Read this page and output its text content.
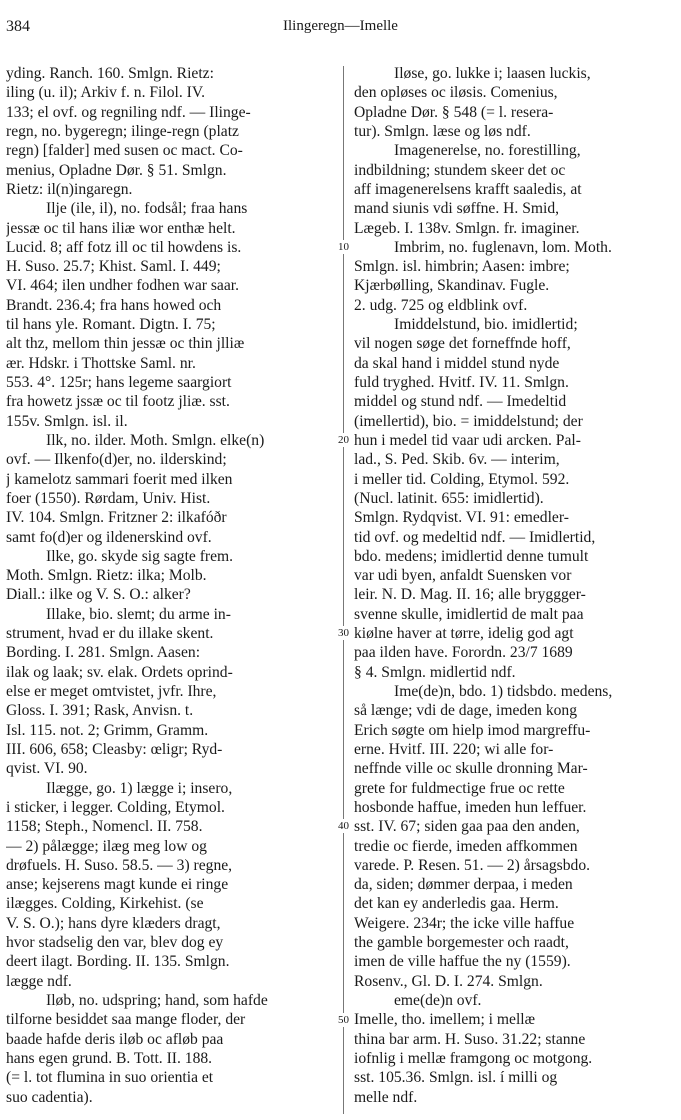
384	Ilingeregn—Imelle
10
20
30
40
50
yding. Ranch. 160. Smlgn. Rietz:
iling (u. il); Arkiv f. n. Filol. IV.
133; el ovf. og regniling ndf. — Ilinge-
regn, no. bygeregn; ilinge-regn (platz
regn) [falder] med susen oc mact. Co-
menius, Opladne Dør. § 51. Smlgn.
Rietz: il(n)ingaregn.
Ilje (ile, il), no. fodsål; fraa hans
jessæ oc til hans iliæ wor enthæ helt.
Lucid. 8; aff fotz ill oc til howdens is.
H. Suso. 25.7; Khist. Saml. I. 449;
VI. 464; ilen undher fodhen war saar.
Brandt. 236.4; fra hans howed och
til hans yle. Romant. Digtn. I. 75;
alt thz, mellom thin jessæ oc thin jlliæ
ær. Hdskr. i Thottske Saml. nr.
553. 4°. 125r; hans legeme saargiort
fra howetz jssæ oc til footz jliæ. sst.
155v. Smlgn. isl. il.
Ilk, no. ilder. Moth. Smlgn. elke(n)
ovf. — Ilkenfo(d)er, no. ilderskind;
j kamelotz sammari foerit med ilken
foer (1550). Rørdam, Univ. Hist.
IV. 104. Smlgn. Fritzner 2: ilkafóðr
samt fo(d)er og ildenerskind ovf.
Ilke, go. skyde sig sagte frem.
Moth. Smlgn. Rietz: ilka; Molb.
Diall.: ilke og V. S. O.: alker?
Illake, bio. slemt; du arme in-
strument, hvad er du illake skent.
Bording. I. 281. Smlgn. Aasen:
ilak og laak; sv. elak. Ordets oprind-
else er meget omtvistet, jvfr. Ihre,
Gloss. I. 391; Rask, Anvisn. t.
Isl. 115. not. 2; Grimm, Gramm.
III. 606, 658; Cleasby: œligr; Ryd-
qvist. VI. 90.
Ilægge, go. 1) lægge i; insero,
i sticker, i legger. Colding, Etymol.
1158; Steph., Nomencl. II. 758.
— 2) pålægge; ilæg meg low og
drøfuels. H. Suso. 58.5. — 3) regne,
anse; kejserens magt kunde ei ringe
ilægges. Colding, Kirkehist. (se
V. S. O.); hans dyre klæders dragt,
hvor stadselig den var, blev dog ey
deert ilagt. Bording. II. 135. Smlgn.
lægge ndf.
Iløb, no. udspring; hand, som hafde
tilforne besiddet saa mange floder, der
baade hafde deris iløb oc afløb paa
hans egen grund. B. Tott. II. 188.
(= l. tot flumina in suo orientia et
suo cadentia).
Iløse, go. lukke i; laasen luckis,
den opløses oc iløsis. Comenius,
Opladne Dør. § 548 (= l. resera-
tur). Smlgn. læse og løs ndf.
Imagenerelse, no. forestilling,
indbildning; stundem skeer det oc
aff imagenerelsens krafft saaledis, at
mand siunis vdi søffne. H. Smid,
Lægeb. I. 138v. Smlgn. fr. imaginer.
Imbrim, no. fuglenavn, lom. Moth.
Smlgn. isl. himbrin; Aasen: imbre;
Kjærbølling, Skandinav. Fugle.
2. udg. 725 og eldblink ovf.
Imiddelstund, bio. imidlertid;
vil nogen søge det forneffnde hoff,
da skal hand i middel stund nyde
fuld tryghed. Hvitf. IV. 11. Smlgn.
middel og stund ndf. — Imedeltid
(imellertid), bio. = imiddelstund; der
hun i medel tid vaar udi arcken. Pal-
lad., S. Ped. Skib. 6v. — interim,
i meller tid. Colding, Etymol. 592.
(Nucl. latinit. 655: imidlertid).
Smlgn. Rydqvist. VI. 91: emedler-
tid ovf. og medeltid ndf. — Imidlertid,
bdo. medens; imidlertid denne tumult
var udi byen, anfaldt Suensken vor
leir. N. D. Mag. II. 16; alle bryggger-
svenne skulle, imidlertid de malt paa
kiølne haver at tørre, idelig god agt
paa ilden have. Forordn. 23/7 1689
§ 4. Smlgn. midlertid ndf.
Ime(de)n, bdo. 1) tidsbdo. medens,
så længe; vdi de dage, imeden kong
Erich søgte om hielp imod margreffu-
erne. Hvitf. III. 220; wi alle for-
neffnde ville oc skulle dronning Mar-
grete for fuldmectige frue oc rette
hosbonde haffue, imeden hun leffuer.
sst. IV. 67; siden gaa paa den anden,
tredie oc fierde, imeden affkommen
varede. P. Resen. 51. — 2) årsagsbdo.
da, siden; dømmer derpaa, i meden
det kan ey anderledis gaa. Herm.
Weigere. 234r; the icke ville haffue
the gamble borgemester och raadt,
imen de ville haffue the ny (1559).
Rosenv., Gl. D. I. 274. Smlgn.
eme(de)n ovf.
Imelle, tho. imellem; i mellæ
thina bar arm. H. Suso. 31.22; stanne
iofnlig i mellæ framgong oc motgong.
sst. 105.36. Smlgn. isl. í milli og
melle ndf.
